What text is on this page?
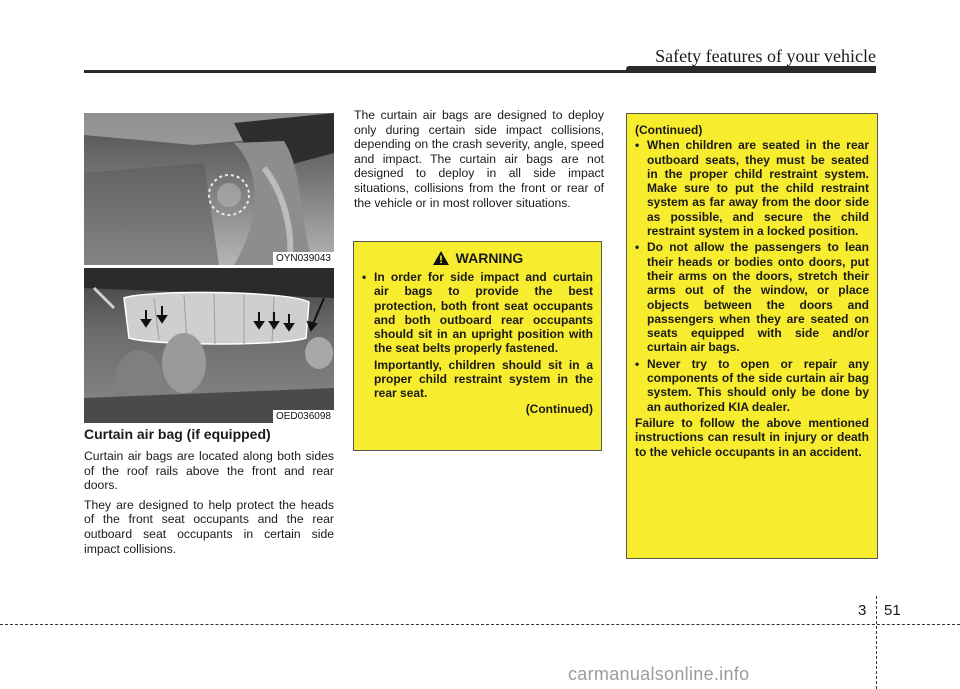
Safety features of your vehicle
OYN039043
OED036098
Curtain air bag (if equipped)

Curtain air bags are located along both sides of the roof rails above the front and rear doors.

They are designed to help protect the heads of the front seat occupants and the rear outboard seat occupants in certain side impact collisions.

The curtain air bags are designed to deploy only during certain side impact collisions, depending on the crash severity, angle, speed and impact. The curtain air bags are not designed to deploy in all side impact situations, collisions from the front or rear of the vehicle or in most rollover situations.

WARNING
• In order for side impact and curtain air bags to provide the best protection, both front seat occupants and both outboard rear occupants should sit in an upright position with the seat belts properly fastened.

Importantly, children should sit in a proper child restraint system in the rear seat.

(Continued)
(Continued)
• When children are seated in the rear outboard seats, they must be seated in the proper child restraint system. Make sure to put the child restraint system as far away from the door side as possible, and secure the child restraint system in a locked position.
• Do not allow the passengers to lean their heads or bodies onto doors, put their arms on the doors, stretch their arms out of the window, or place objects between the doors and passengers when they are seated on seats equipped with side and/or curtain air bags.
• Never try to open or repair any components of the side curtain air bag system. This should only be done by an authorized KIA dealer.
Failure to follow the above mentioned instructions can result in injury or death to the vehicle occupants in an accident.
3 51
carmanualsonline.info
